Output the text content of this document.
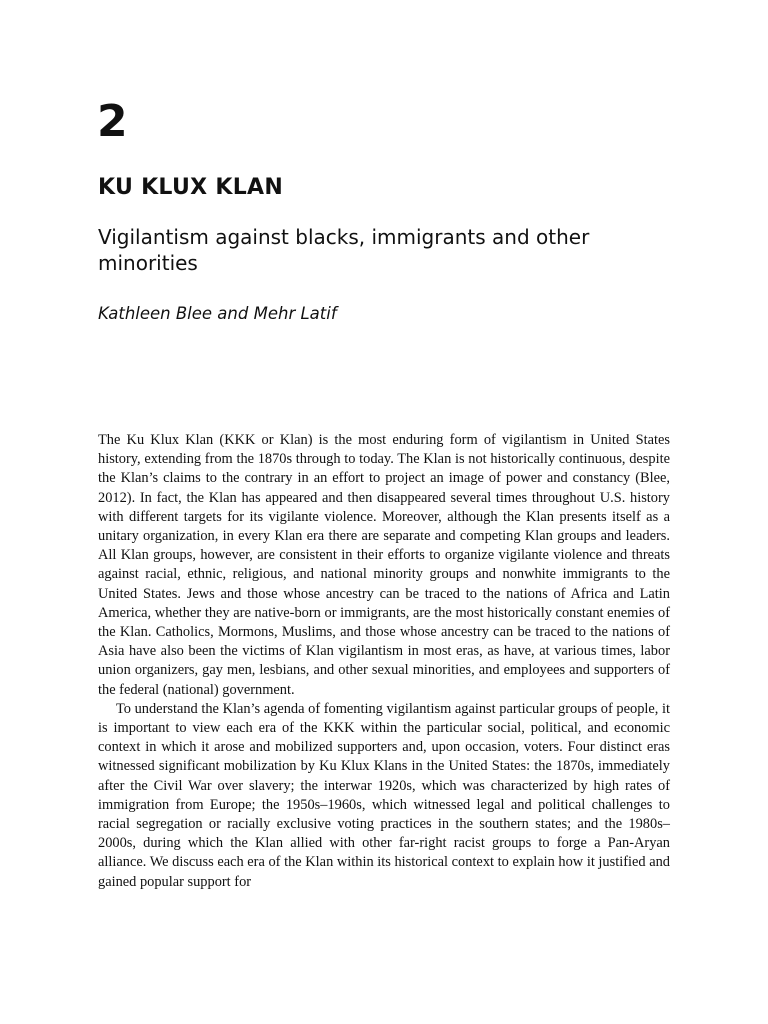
2
KU KLUX KLAN
Vigilantism against blacks, immigrants and other minorities

Kathleen Blee and Mehr Latif

The Ku Klux Klan (KKK or Klan) is the most enduring form of vigilantism in United States history, extending from the 1870s through to today. The Klan is not historically continuous, despite the Klan’s claims to the contrary in an effort to project an image of power and constancy (Blee, 2012). In fact, the Klan has appeared and then disappeared several times throughout U.S. history with different targets for its vigilante violence. Moreover, although the Klan presents itself as a unitary organization, in every Klan era there are separate and competing Klan groups and leaders. All Klan groups, however, are consistent in their efforts to organize vigilante violence and threats against racial, ethnic, religious, and national minority groups and nonwhite immigrants to the United States. Jews and those whose ancestry can be traced to the nations of Africa and Latin America, whether they are native-born or immigrants, are the most historically constant enemies of the Klan. Catholics, Mormons, Muslims, and those whose ancestry can be traced to the nations of Asia have also been the victims of Klan vigilantism in most eras, as have, at various times, labor union organizers, gay men, lesbians, and other sexual minorities, and employees and supporters of the federal (national) government.

To understand the Klan’s agenda of fomenting vigilantism against particular groups of people, it is important to view each era of the KKK within the particular social, political, and economic context in which it arose and mobilized supporters and, upon occasion, voters. Four distinct eras witnessed significant mobilization by Ku Klux Klans in the United States: the 1870s, immediately after the Civil War over slavery; the interwar 1920s, which was characterized by high rates of immigration from Europe; the 1950s–1960s, which witnessed legal and political challenges to racial segregation or racially exclusive voting practices in the southern states; and the 1980s–2000s, during which the Klan allied with other far-right racist groups to forge a Pan-Aryan alliance. We discuss each era of the Klan within its historical context to explain how it justified and gained popular support for
